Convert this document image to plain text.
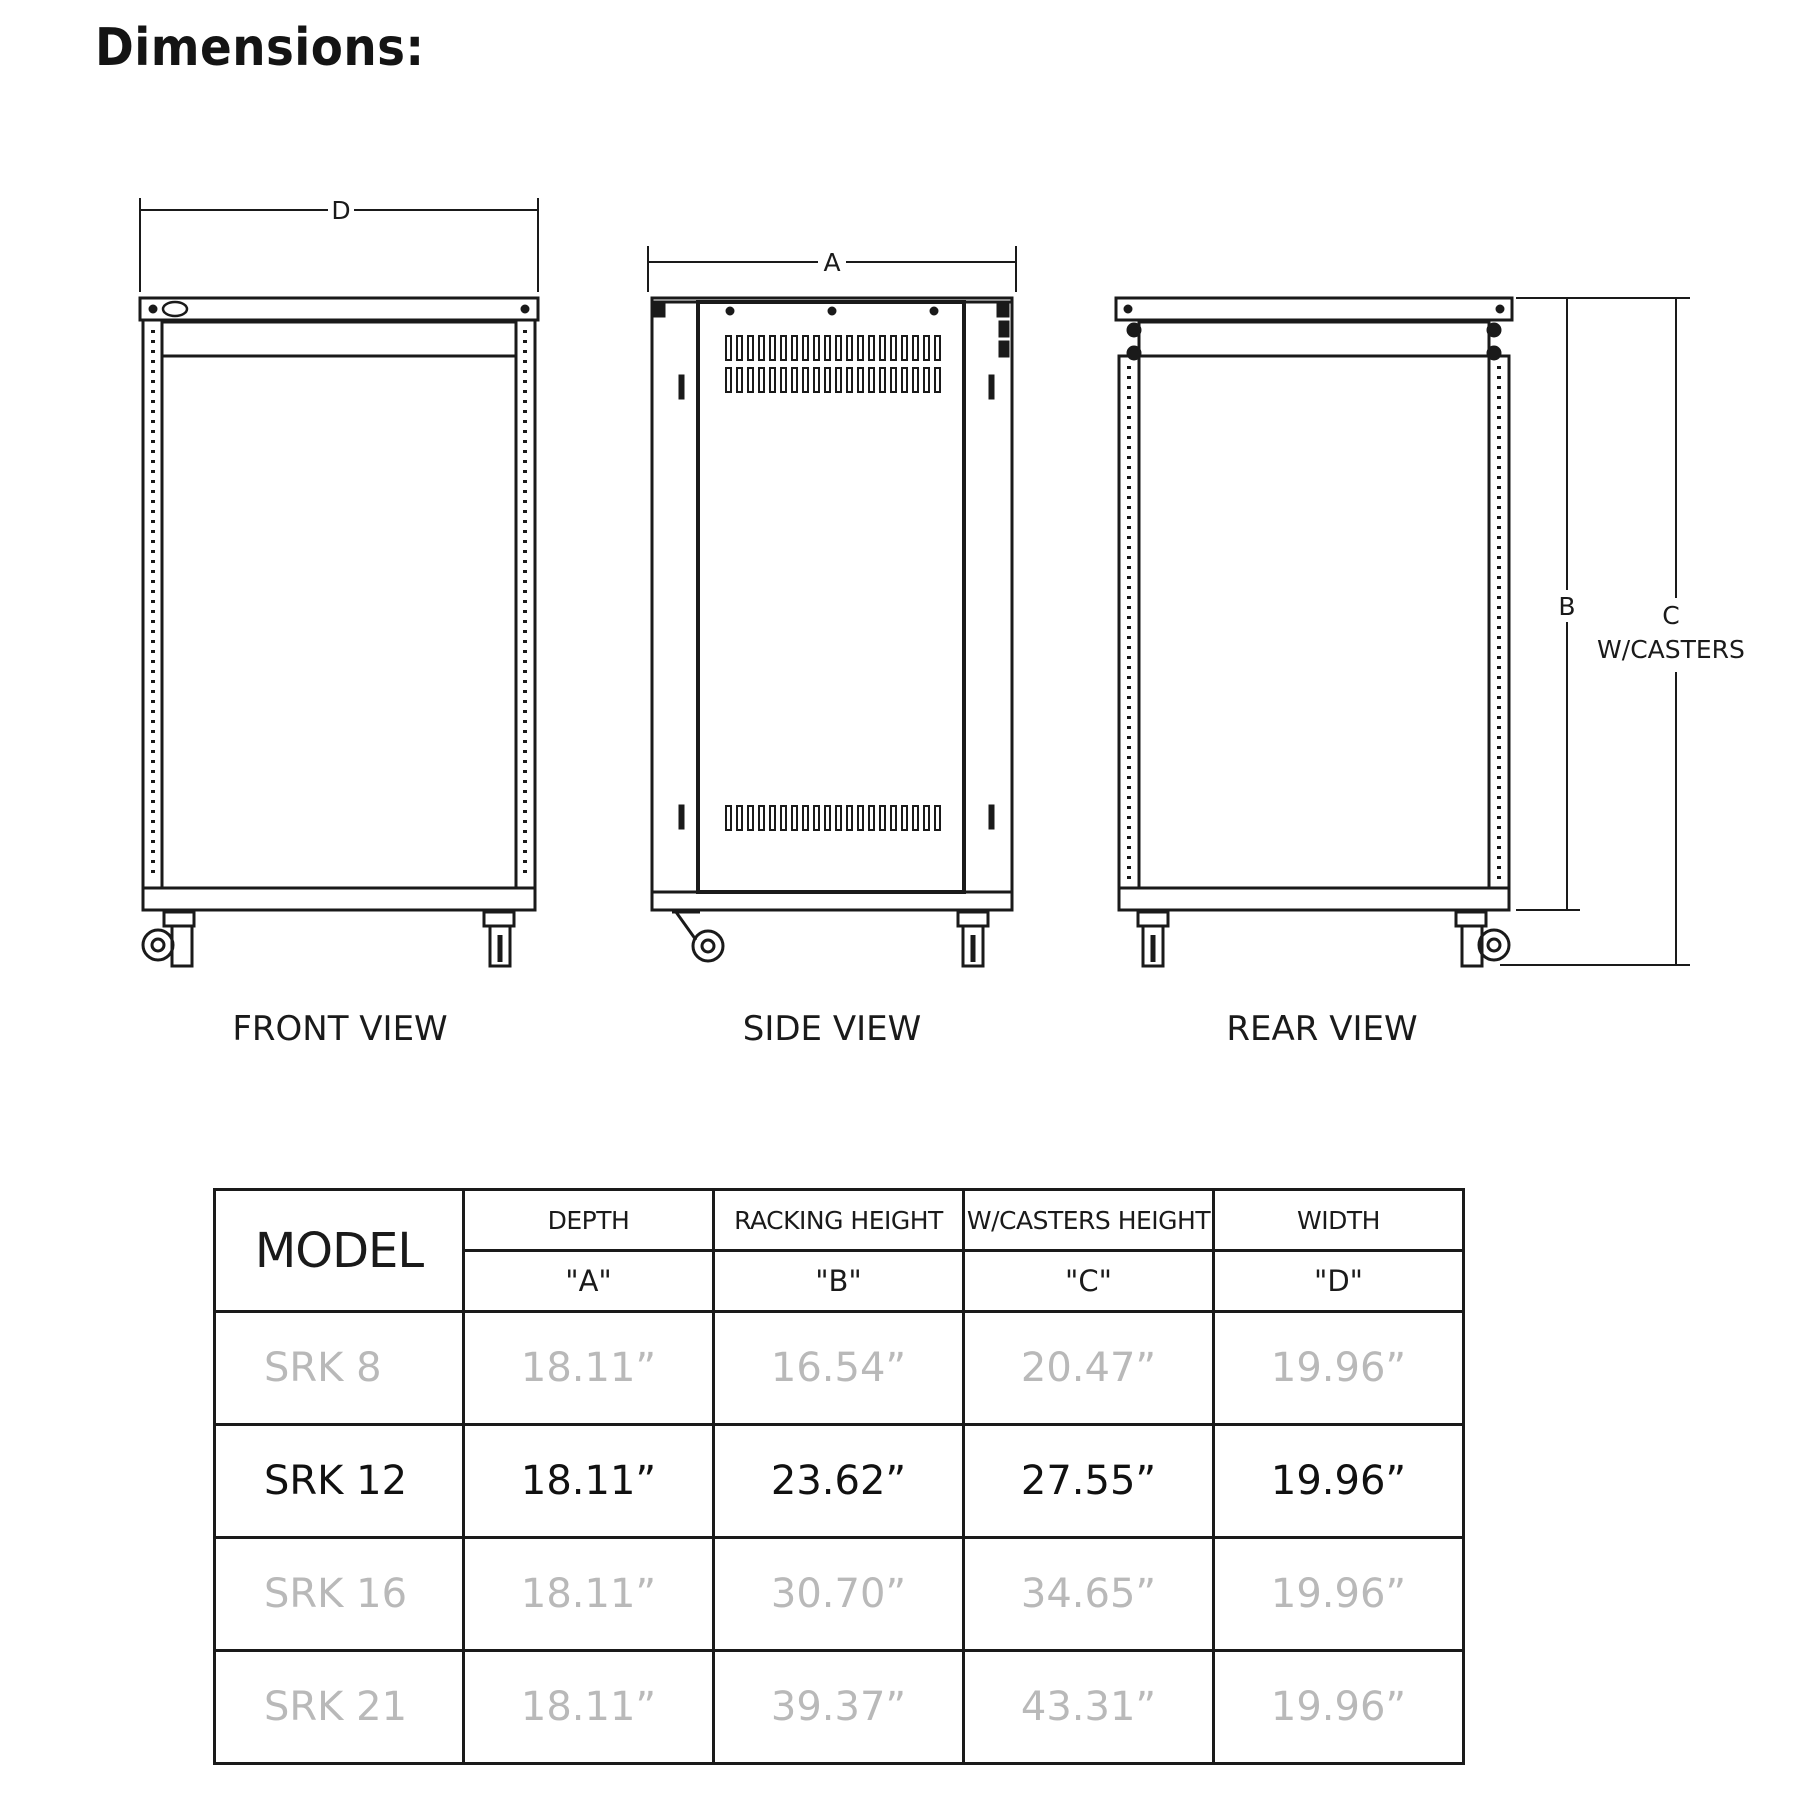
Dimensions:
D
FRONT VIEW
A
SIDE VIEW
B	C
W/CASTERS
REAR VIEW
MODEL	DEPTH	RACKING HEIGHT	W/CASTERS HEIGHT	WIDTH
	"A"	"B"	"C"	"D"
SRK 8	18.11”	16.54”	20.47”	19.96”
SRK 12	18.11”	23.62”	27.55”	19.96”
SRK 16	18.11”	30.70”	34.65”	19.96”
SRK 21	18.11”	39.37”	43.31”	19.96”
